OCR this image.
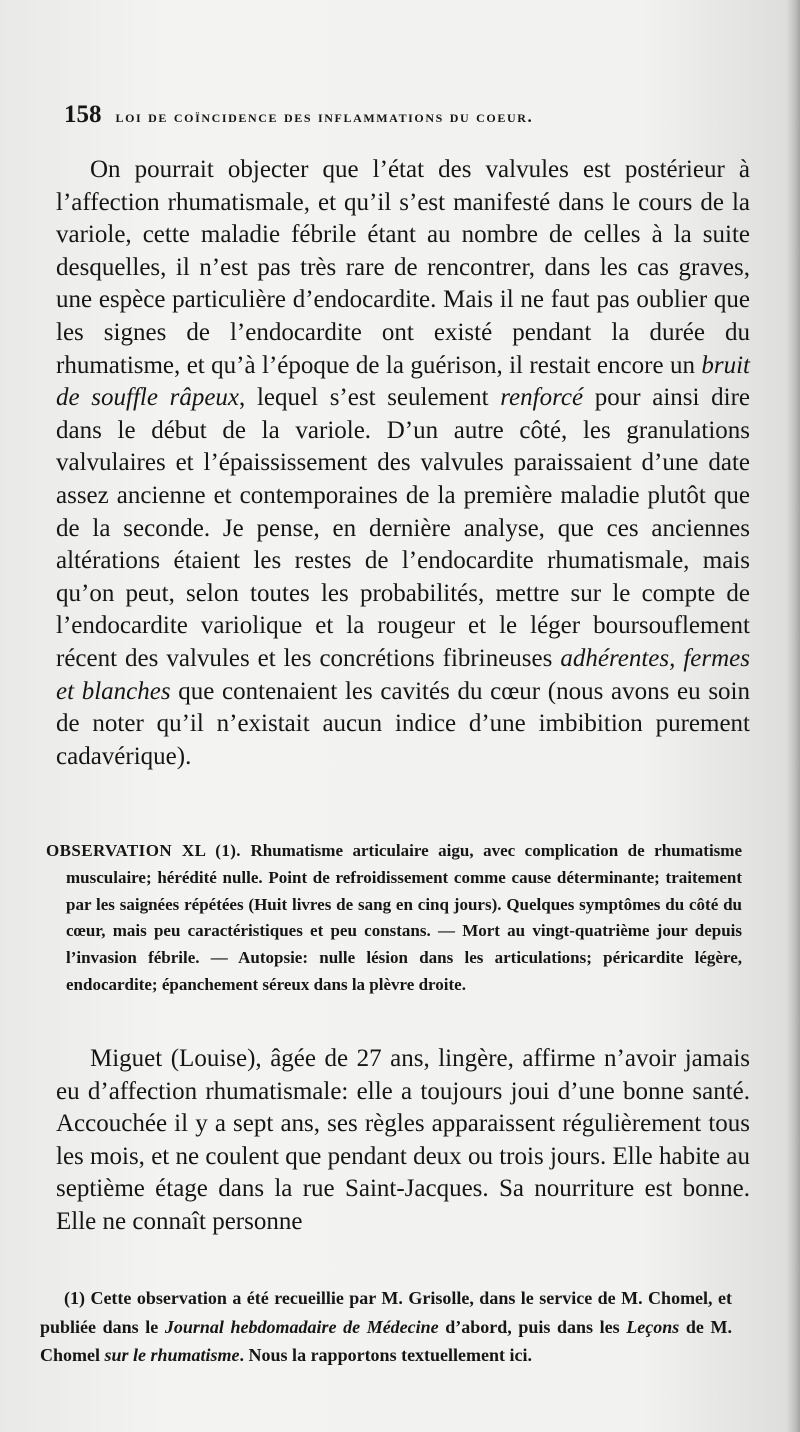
158 loi de coïncidence des inflammations du coeur.

On pourrait objecter que l’état des valvules est postérieur à l’affection rhumatismale, et qu’il s’est manifesté dans le cours de la variole, cette maladie fébrile étant au nombre de celles à la suite desquelles, il n’est pas très rare de rencontrer, dans les cas graves, une espèce particulière d’endocardite. Mais il ne faut pas oublier que les signes de l’endocardite ont existé pendant la durée du rhumatisme, et qu’à l’époque de la guérison, il restait encore un bruit de souffle râpeux, lequel s’est seulement renforcé pour ainsi dire dans le début de la variole. D’un autre côté, les granulations valvulaires et l’épaississement des valvules paraissaient d’une date assez ancienne et contemporaines de la première maladie plutôt que de la seconde. Je pense, en dernière analyse, que ces anciennes altérations étaient les restes de l’endocardite rhumatismale, mais qu’on peut, selon toutes les probabilités, mettre sur le compte de l’endocardite variolique et la rougeur et le léger boursouflement récent des valvules et les concrétions fibrineuses adhérentes, fermes et blanches que contenaient les cavités du cœur (nous avons eu soin de noter qu’il n’existait aucun indice d’une imbibition purement cadavérique).

OBSERVATION XL (1). Rhumatisme articulaire aigu, avec complication de rhumatisme musculaire; hérédité nulle. Point de refroidissement comme cause déterminante; traitement par les saignées répétées (Huit livres de sang en cinq jours). Quelques symptômes du côté du cœur, mais peu caractéristiques et peu constans. — Mort au vingt-quatrième jour depuis l’invasion fébrile. — Autopsie: nulle lésion dans les articulations; péricardite légère, endocardite; épanchement séreux dans la plèvre droite.

Miguet (Louise), âgée de 27 ans, lingère, affirme n’avoir jamais eu d’affection rhumatismale: elle a toujours joui d’une bonne santé. Accouchée il y a sept ans, ses règles apparaissent régulièrement tous les mois, et ne coulent que pendant deux ou trois jours. Elle habite au septième étage dans la rue Saint-Jacques. Sa nourriture est bonne. Elle ne connaît personne

(1) Cette observation a été recueillie par M. Grisolle, dans le service de M. Chomel, et publiée dans le Journal hebdomadaire de Médecine d’abord, puis dans les Leçons de M. Chomel sur le rhumatisme. Nous la rapportons textuellement ici.
